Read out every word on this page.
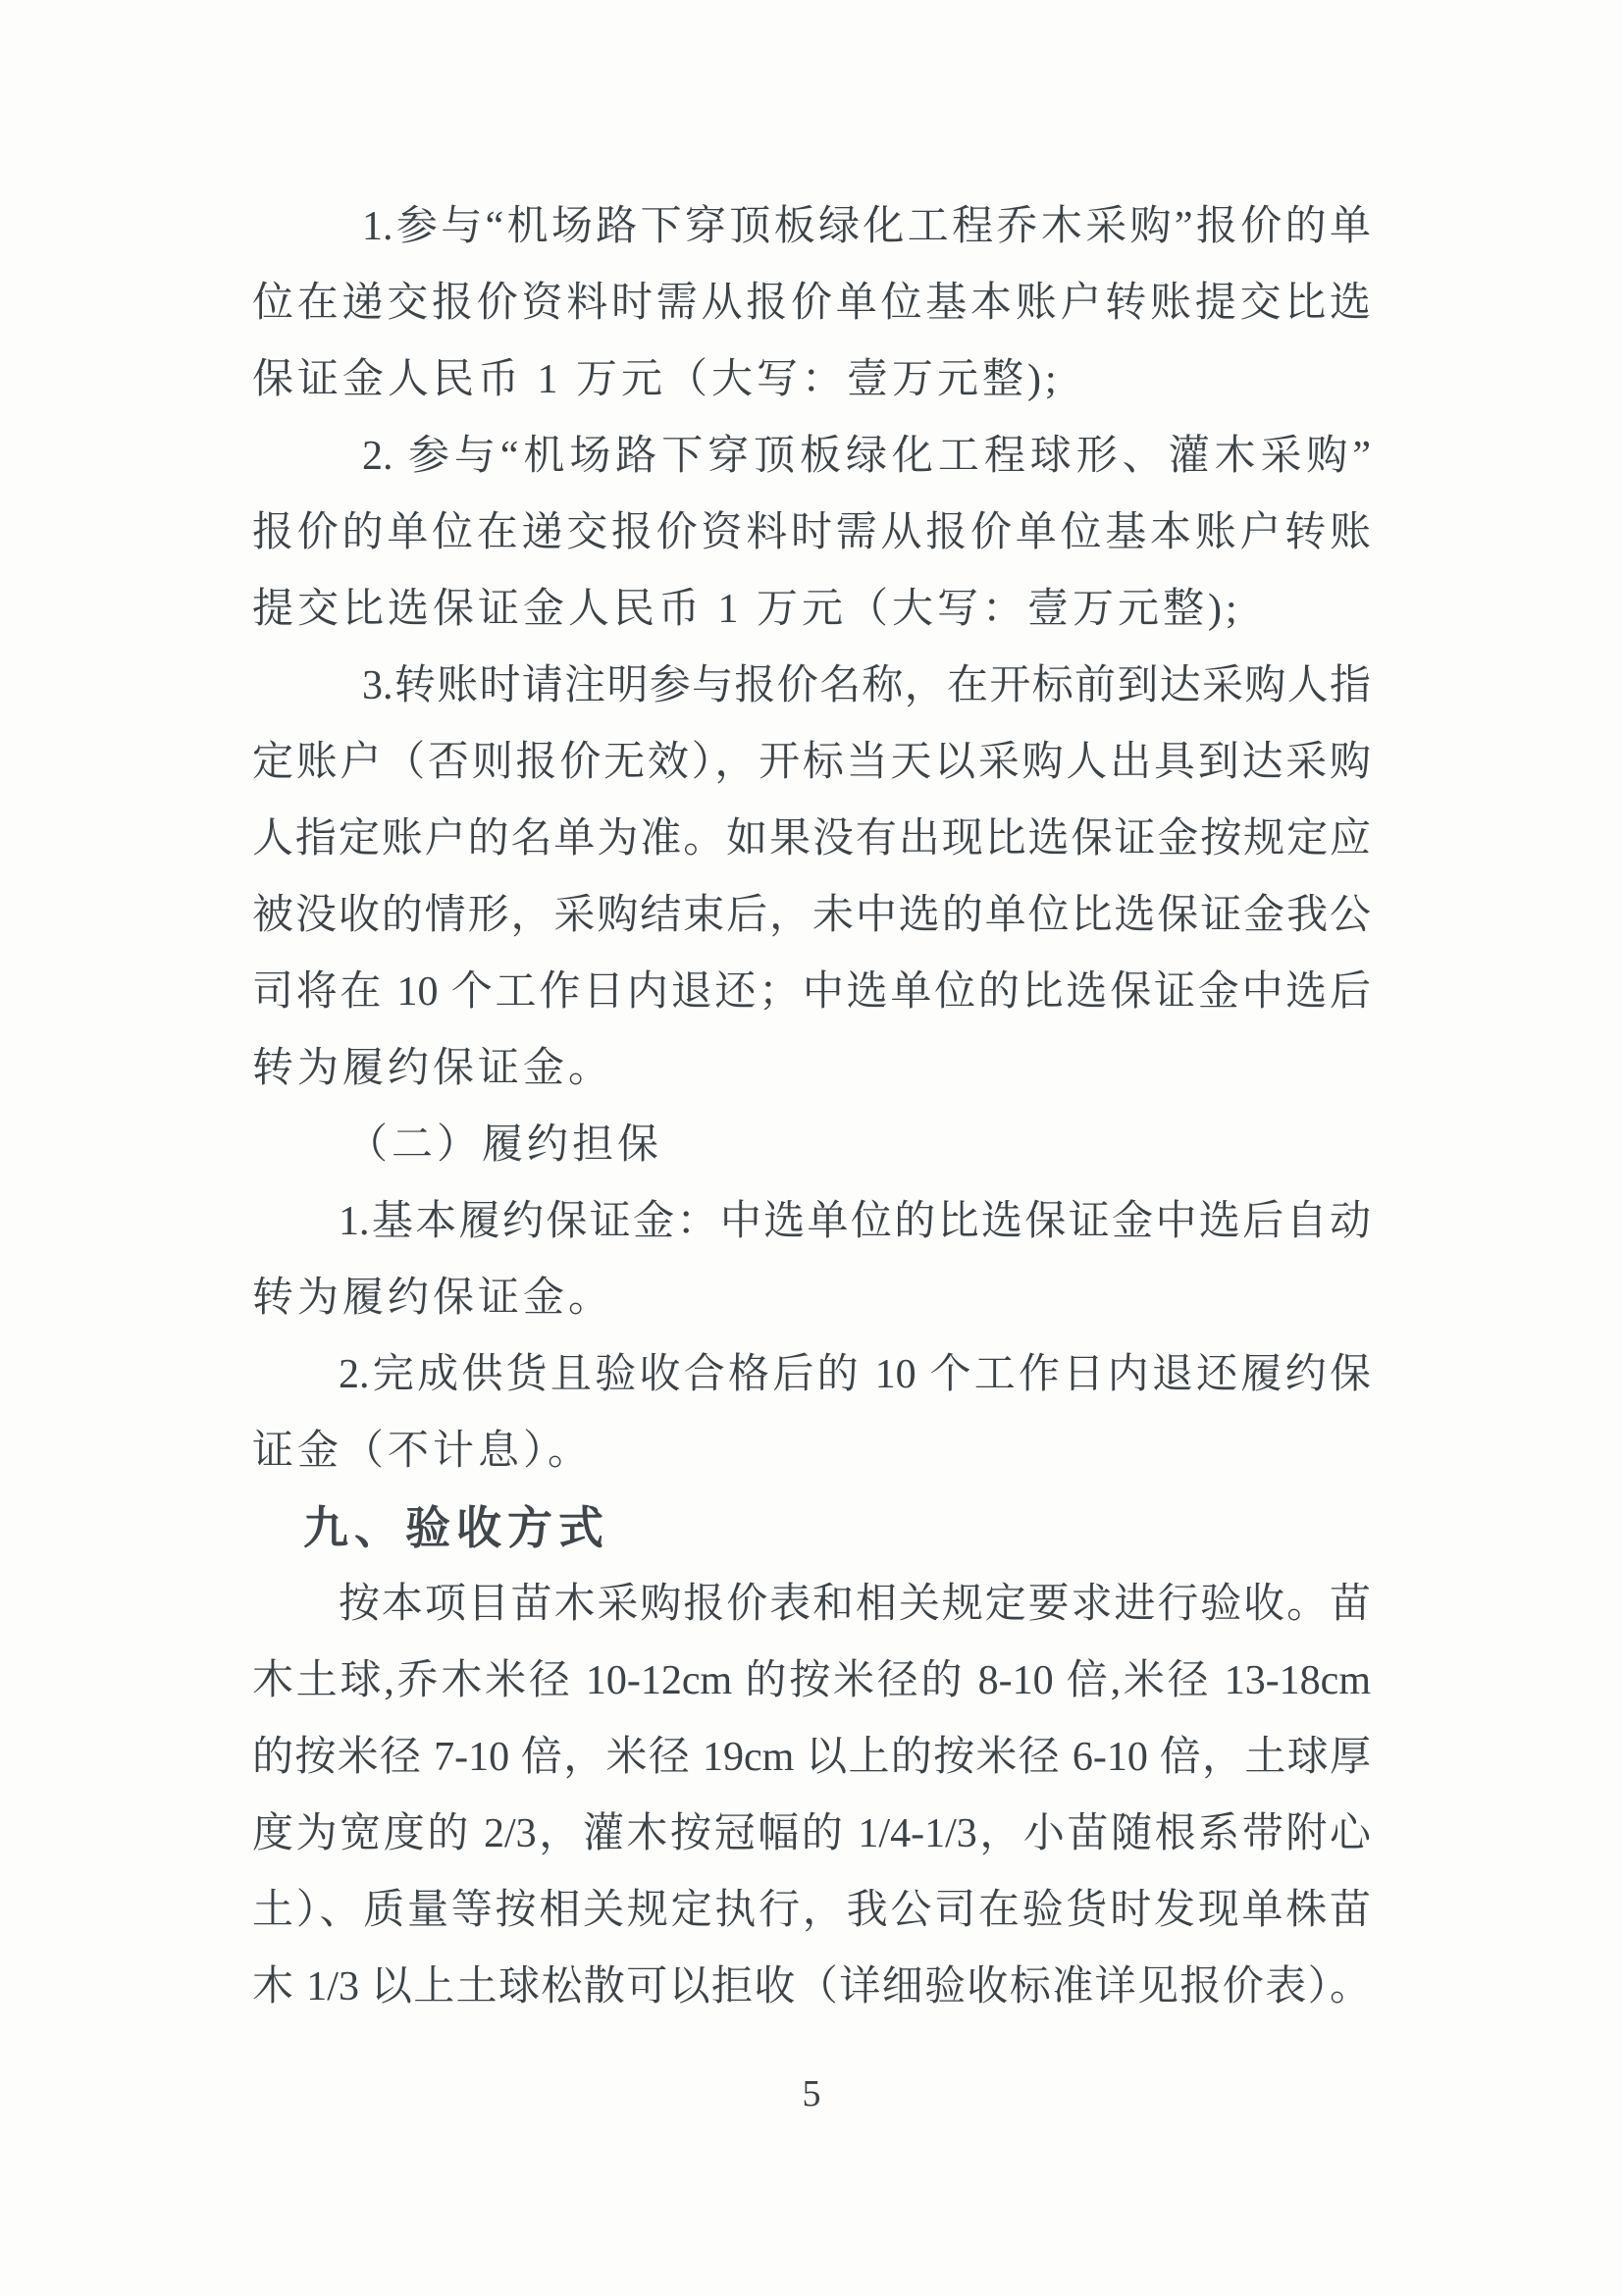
1.参与“机场路下穿顶板绿化工程乔木采购”报价的单
位在递交报价资料时需从报价单位基本账户转账提交比选
保证金人民币 1 万元（大写：壹万元整);
2. 参与“机场路下穿顶板绿化工程球形、灌木采购”
报价的单位在递交报价资料时需从报价单位基本账户转账
提交比选保证金人民币 1 万元（大写：壹万元整);
3.转账时请注明参与报价名称，在开标前到达采购人指
定账户（否则报价无效），开标当天以采购人出具到达采购
人指定账户的名单为准。如果没有出现比选保证金按规定应
被没收的情形，采购结束后，未中选的单位比选保证金我公
司将在 10 个工作日内退还；中选单位的比选保证金中选后
转为履约保证金。
（二）履约担保
1.基本履约保证金：中选单位的比选保证金中选后自动
转为履约保证金。
2.完成供货且验收合格后的 10 个工作日内退还履约保
证金（不计息）。
九、验收方式
按本项目苗木采购报价表和相关规定要求进行验收。苗
木土球,乔木米径 10-12cm 的按米径的 8-10 倍,米径 13-18cm
的按米径 7-10 倍，米径 19cm 以上的按米径 6-10 倍，土球厚
度为宽度的 2/3，灌木按冠幅的 1/4-1/3，小苗随根系带附心
土）、质量等按相关规定执行，我公司在验货时发现单株苗
木 1/3 以上土球松散可以拒收（详细验收标准详见报价表）。
5
